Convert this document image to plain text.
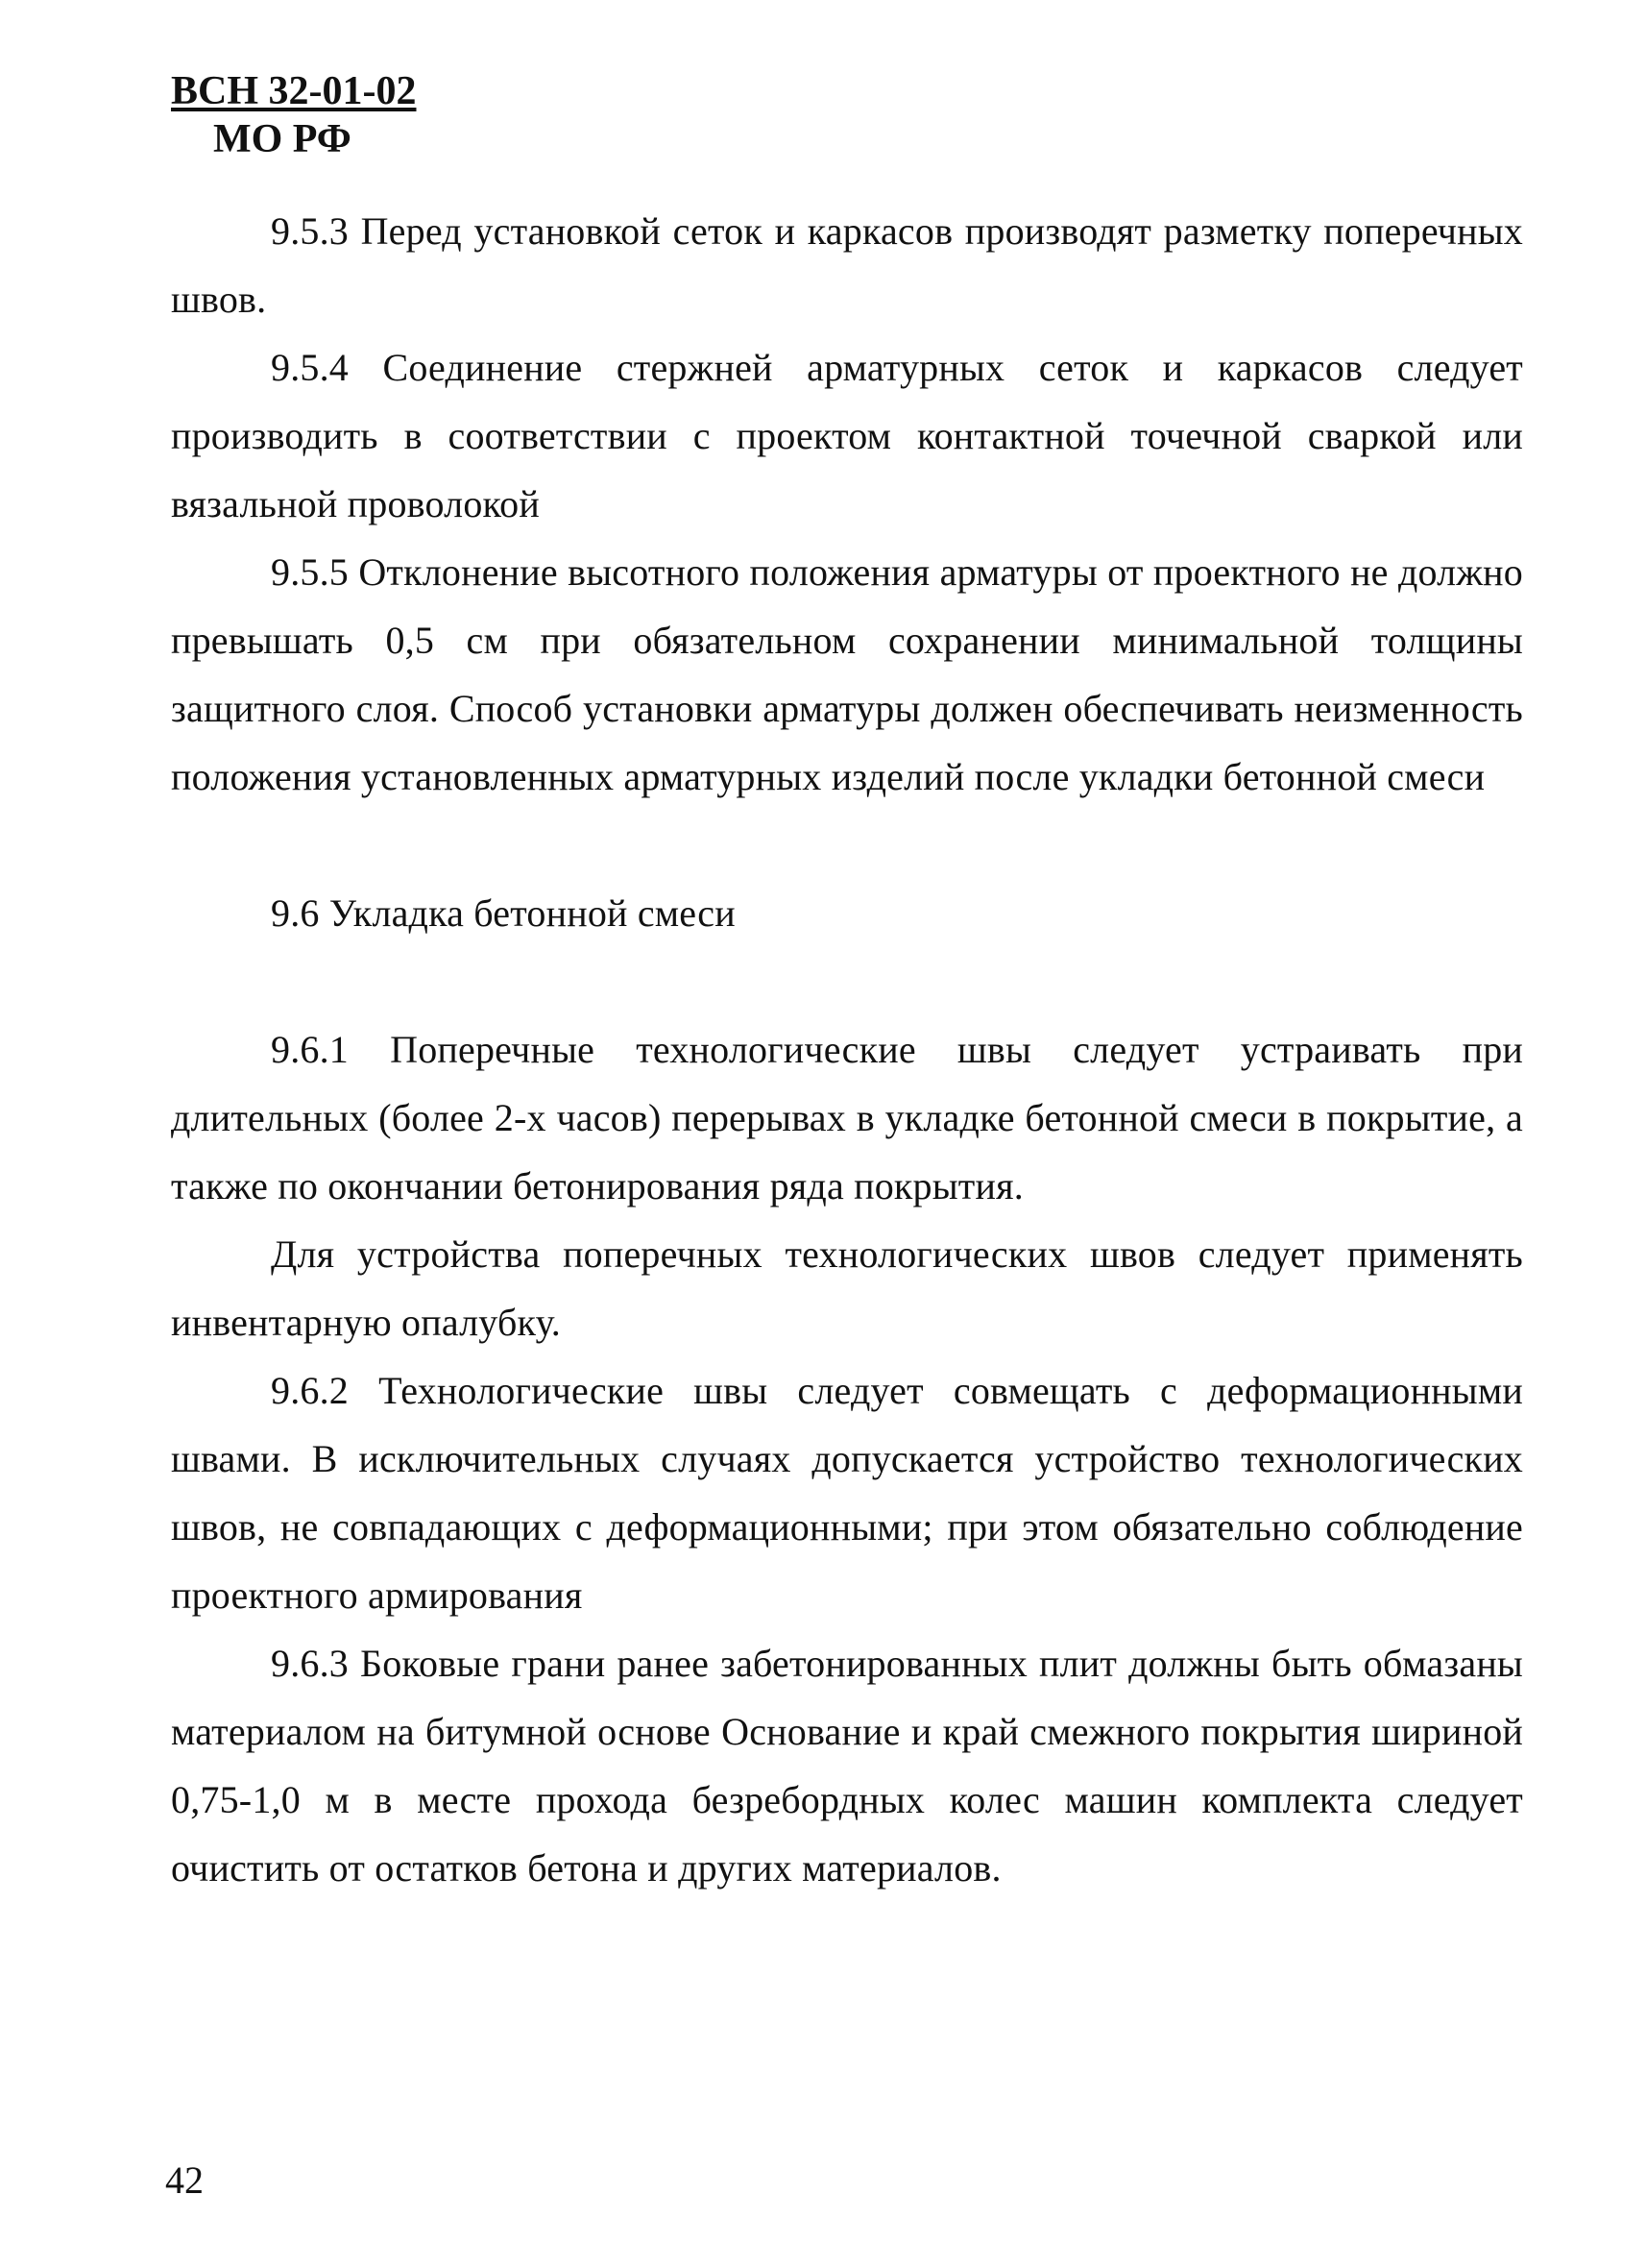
ВСН 32-01-02
МО РФ

9.5.3 Перед установкой сеток и каркасов производят разметку поперечных швов.

9.5.4 Соединение стержней арматурных сеток и каркасов следует производить в соответствии с проектом контактной точечной сваркой или вязальной проволокой

9.5.5 Отклонение высотного положения арматуры от проектного не должно превышать 0,5 см при обязательном сохранении минимальной толщины защитного слоя. Способ установки арматуры должен обеспечивать неизменность положения установленных арматурных изделий после укладки бетонной смеси

9.6 Укладка бетонной смеси

9.6.1 Поперечные технологические швы следует устраивать при длительных (более 2-х часов) перерывах в укладке бетонной смеси в покрытие, а также по окончании бетонирования ряда покрытия.

Для устройства поперечных технологических швов следует применять инвентарную опалубку.

9.6.2 Технологические швы следует совмещать с деформационными швами. В исключительных случаях допускается устройство технологических швов, не совпадающих с деформационными; при этом обязательно соблюдение проектного армирования

9.6.3 Боковые грани ранее забетонированных плит должны быть обмазаны материалом на битумной основе Основание и край смежного покрытия шириной 0,75-1,0 м в месте прохода безребордных колес машин комплекта следует очистить от остатков бетона и других материалов.

42
